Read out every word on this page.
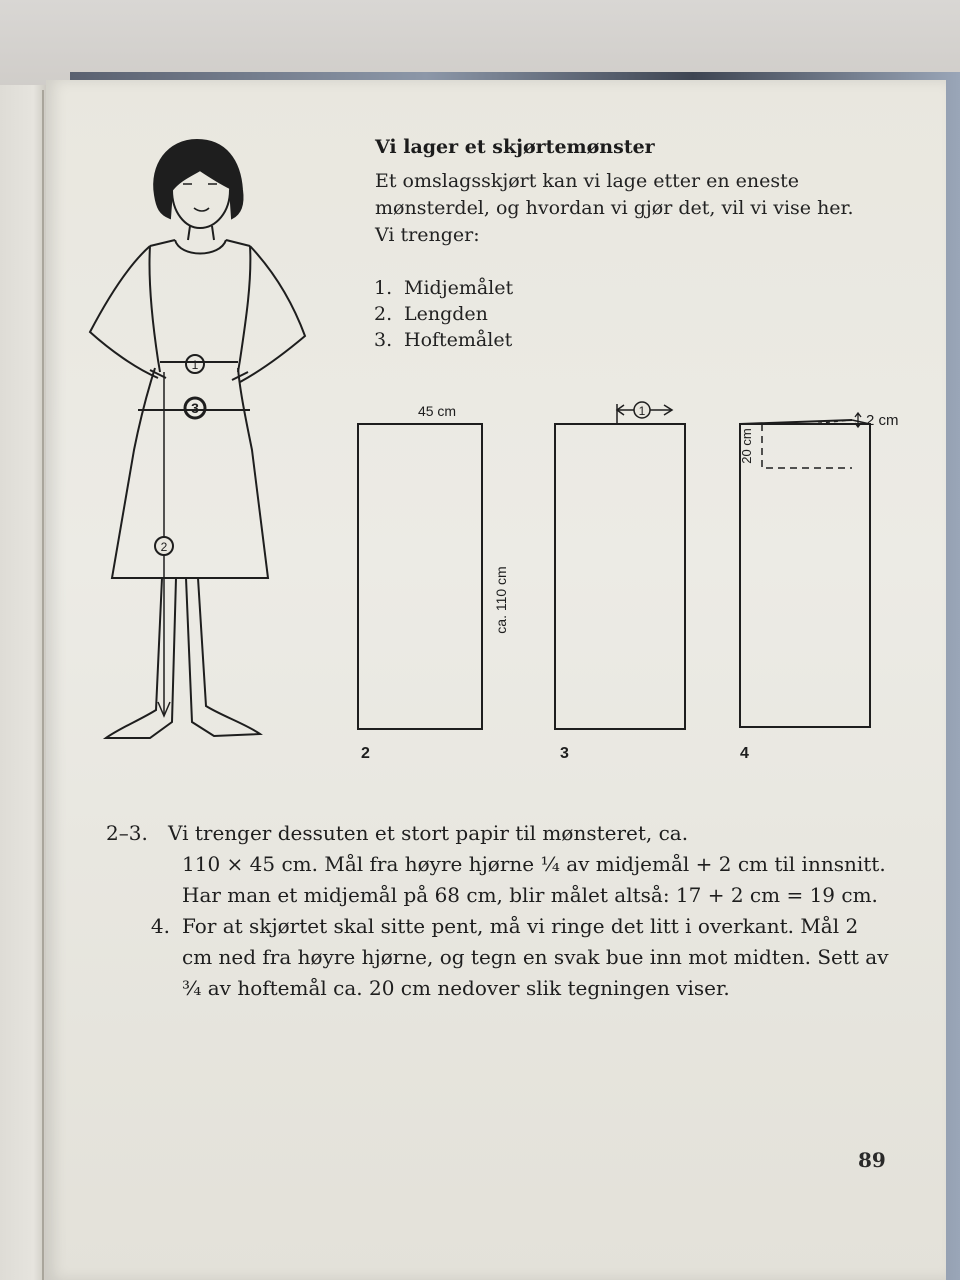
Vi lager et skjørtemønster

Et omslagsskjørt kan vi lage etter en eneste mønsterdel, og hvordan vi gjør det, vil vi vise her. Vi trenger:

1. Midjemålet
2. Lengden
3. Hoftemålet
1
3
2
45 cm
ca. 110 cm
2
1
3
2 cm
20 cm
4

2–3.	Vi trenger dessuten et stort papir til mønsteret, ca.
110 × 45 cm. Mål fra høyre hjørne ¼ av midjemål + 2 cm til innsnitt. Har man et midjemål på 68 cm, blir målet altså: 17 + 2 cm = 19 cm.

4. For at skjørtet skal sitte pent, må vi ringe det litt i overkant. Mål 2 cm ned fra høyre hjørne, og tegn en svak bue inn mot midten. Sett av ¾ av hoftemål ca. 20 cm nedover slik tegningen viser.

89
